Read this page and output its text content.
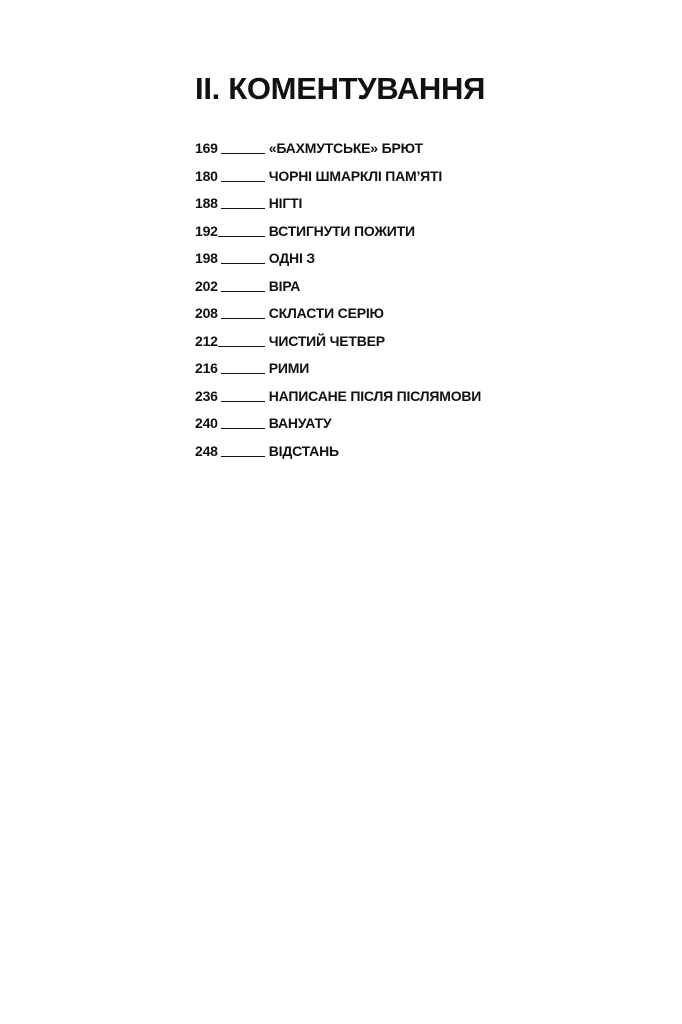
II. КОМЕНТУВАННЯ
169	«БАХМУТСЬКЕ» БРЮТ
180	ЧОРНІ ШМАРКЛІ ПАМ’ЯТІ
188	НІГТІ
192	ВСТИГНУТИ ПОЖИТИ
198	ОДНІ З
202	ВІРА
208	СКЛАСТИ СЕРІЮ
212	ЧИСТИЙ ЧЕТВЕР
216	РИМИ
236	НАПИСАНЕ ПІСЛЯ ПІСЛЯМОВИ
240	ВАНУАТУ
248	ВІДСТАНЬ
